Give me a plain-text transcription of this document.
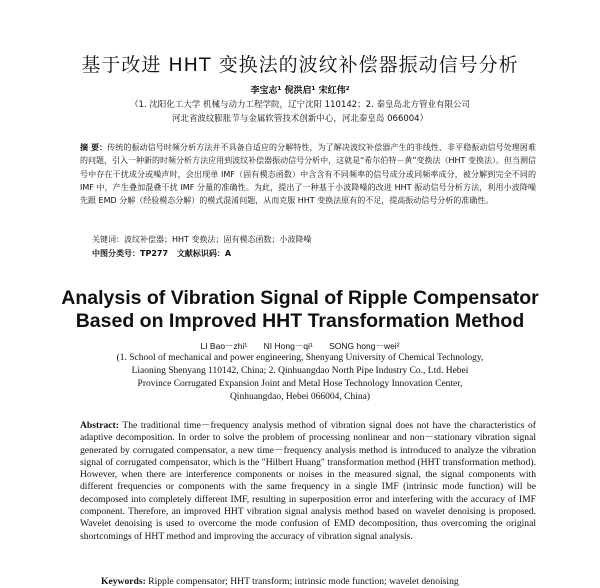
基于改进 HHT 变换法的波纹补偿器振动信号分析
李宝志¹ 倪洪启¹ 宋红伟²
（1. 沈阳化工大学 机械与动力工程学院，辽宁沈阳 110142；2. 秦皇岛北方管业有限公司
河北省波纹膨胀节与金属软管技术创新中心，河北秦皇岛 066004）

摘 要：传统的振动信号时频分析方法并不具备自适应的分解特性，为了解决波纹补偿器产生的非线性、非平稳振动信号处理困难的问题，引入一种新的时频分析方法应用到波纹补偿器振动信号分析中，这就是“希尔伯特－黄”变换法（HHT 变换法）。但当测信号中存在干扰成分或噪声时，会出现单 IMF（固有模态函数）中含含有不同频率的信号成分或同频率成分，被分解到完全不同的 IMF 中，产生叠加混叠干扰 IMF 分量的准确性。为此，提出了一种基于小波降噪的改进 HHT 振动信号分析方法，利用小波降噪先跟 EMD 分解（经验模态分解）的模式混淆问题，从而克服 HHT 变换法原有的不足，提高振动信号分析的准确性。

关键词：波纹补偿器；HHT 变换法；固有模态函数；小波降噪
中图分类号：TP277 文献标识码：A
Analysis of Vibration Signal of Ripple Compensator
Based on Improved HHT Transformation Method
LI Bao－zhi¹ NI Hong－qi¹ SONG hong－wei²
(1. School of mechanical and power engineering, Shenyang University of Chemical Technology,
Liaoning Shenyang 110142, China; 2. Qinhuangdao North Pipe Industry Co., Ltd. Hebei
Province Corrugated Expansion Joint and Metal Hose Technology Innovation Center,
Qinhuangdao, Hebei 066004, China)

Abstract: The traditional time－frequency analysis method of vibration signal does not have the characteristics of adaptive decomposition. In order to solve the problem of processing nonlinear and non－stationary vibration signal generated by corrugated compensator, a new time－frequency analysis method is introduced to analyze the vibration signal of corrugated compensator, which is the "Hilbert Huang" transformation method (HHT transformation method). However, when there are interference components or noises in the measured signal, the signal components with different frequencies or components with the same frequency in a single IMF (intrinsic mode function) will be decomposed into completely different IMF, resulting in superposition error and interfering with the accuracy of IMF component. Therefore, an improved HHT vibration signal analysis method based on wavelet denoising is proposed. Wavelet denoising is used to overcome the mode confusion of EMD decomposition, thus overcoming the original shortcomings of HHT method and improving the accuracy of vibration signal analysis.

Keywords: Ripple compensator; HHT transform; intrinsic mode function; wavelet denoising
